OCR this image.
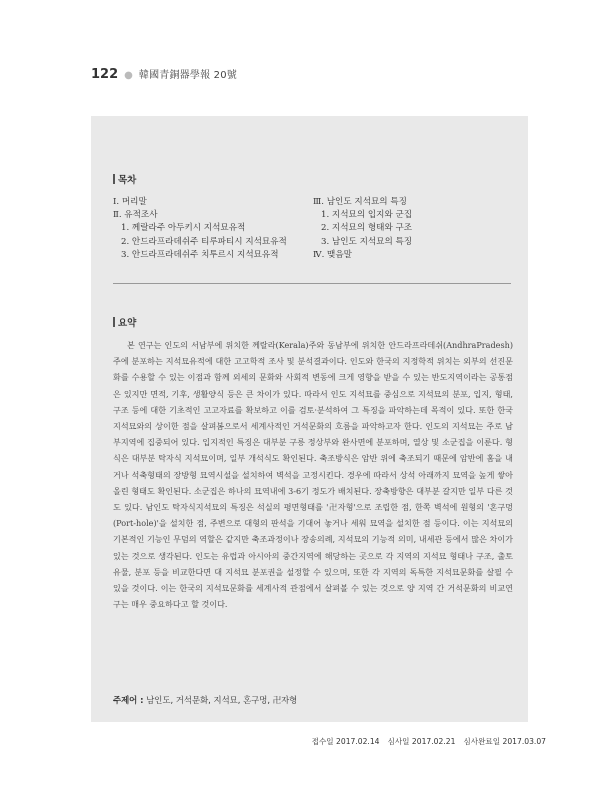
122 ● 韓國青銅器學報 20號
목차
Ⅰ. 머리말
Ⅱ. 유적조사
1. 께랄라주 아두키시 지석묘유적
2. 안드라프라데쉬주 티루파티시 지석묘유적
3. 안드라프라데쉬주 치투르시 지석묘유적
Ⅲ. 남인도 지석묘의 특징
1. 지석묘의 입지와 군집
2. 지석묘의 형태와 구조
3. 남인도 지석묘의 특징
Ⅳ. 맺음말
요약
본 연구는 인도의 서남부에 위치한 께랄라(Kerala)주와 동남부에 위치한 안드라프라데쉬(AndhraPradesh)주에 분포하는 지석묘유적에 대한 고고학적 조사 및 분석결과이다. 인도와 한국의 지정학적 위치는 외부의 선진문화를 수용할 수 있는 이점과 함께 외세의 문화와 사회적 변동에 크게 영향을 받을 수 있는 반도지역이라는 공통점은 있지만 면적, 기후, 생활양식 등은 큰 차이가 있다. 따라서 인도 지석묘를 중심으로 지석묘의 분포, 입지, 형태, 구조 등에 대한 기초적인 고고자료를 확보하고 이를 검토·분석하여 그 특징을 파악하는데 목적이 있다. 또한 한국 지석묘와의 상이한 점을 살펴봄으로서 세계사적인 거석문화의 흐름을 파악하고자 한다. 인도의 지석묘는 주로 남부지역에 집중되어 있다. 입지적인 특징은 대부분 구릉 정상부와 완사면에 분포하며, 열상 및 소군집을 이룬다. 형식은 대부분 탁자식 지석묘이며, 일부 개석식도 확인된다. 축조방식은 암반 위에 축조되기 때문에 암반에 홈을 내거나 석축형태의 장방형 묘역시설을 설치하여 벽석을 고정시킨다. 경우에 따라서 상석 아래까지 묘역을 높게 쌓아올린 형태도 확인된다. 소군집은 하나의 묘역내에 3-6기 정도가 배치된다. 장축방향은 대부분 갈지만 일부 다른 것도 있다. 남인도 탁자식지석묘의 특징은 석실의 평면형태를 '卍자형'으로 조립한 점, 한쪽 벽석에 원형의 '혼구멍(Port-hole)'을 설치한 점, 주변으로 대형의 판석을 기대어 놓거나 세워 묘역을 설치한 점 등이다. 이는 지석묘의 기본적인 기능인 무덤의 역할은 같지만 축조과정이나 장송의례, 지석묘의 기능적 의미, 내세관 등에서 많은 차이가 있는 것으로 생각된다. 인도는 유럽과 아시아의 중간지역에 해당하는 곳으로 각 지역의 지석묘 형태나 구조, 출토유물, 분포 등을 비교한다면 대 지석묘 분포권을 설정할 수 있으며, 또한 각 지역의 독특한 지석묘문화를 살필 수 있을 것이다. 이는 한국의 지석묘문화를 세계사적 관점에서 살펴볼 수 있는 것으로 양 지역 간 거석문화의 비교연구는 매우 중요하다고 할 것이다.
주제어 : 남인도, 거석문화, 지석묘, 혼구멍, 卍자형
접수일 2017.02.14 심사일 2017.02.21 심사완료일 2017.03.07
